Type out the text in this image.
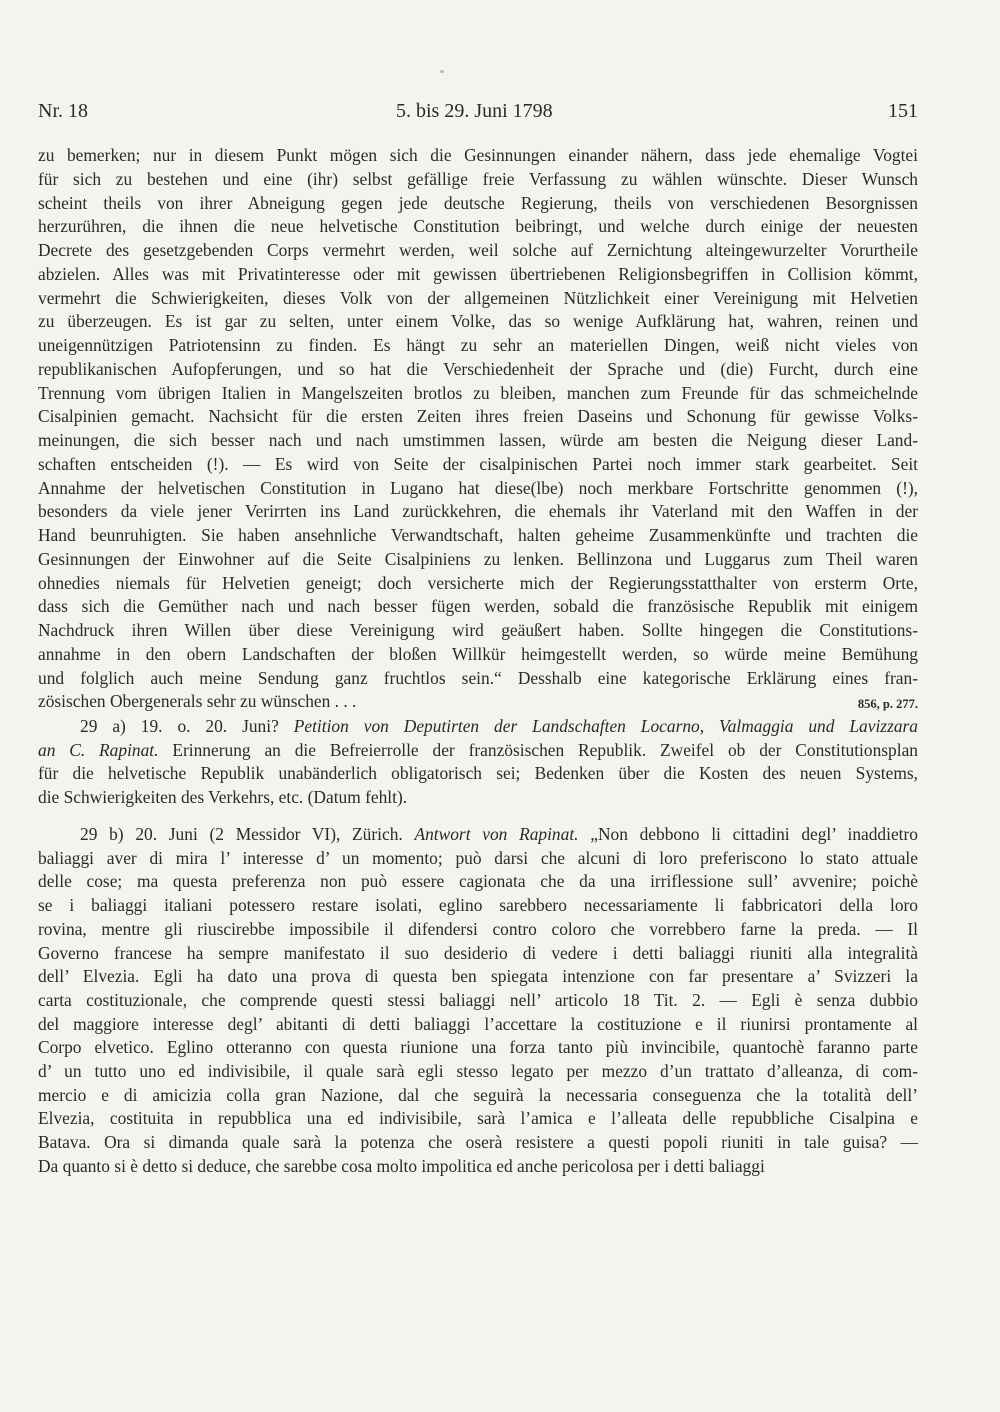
Nr. 18	5. bis 29. Juni 1798	151
zu bemerken; nur in diesem Punkt mögen sich die Gesinnungen einander nähern, dass jede ehemalige Vogtei
für sich zu bestehen und eine (ihr) selbst gefällige freie Verfassung zu wählen wünschte. Dieser Wunsch
scheint theils von ihrer Abneigung gegen jede deutsche Regierung, theils von verschiedenen Besorgnissen
herzurühren, die ihnen die neue helvetische Constitution beibringt, und welche durch einige der neuesten
Decrete des gesetzgebenden Corps vermehrt werden, weil solche auf Zernichtung alteingewurzelter Vorurtheile
abzielen. Alles was mit Privatinteresse oder mit gewissen übertriebenen Religionsbegriffen in Collision kömmt,
vermehrt die Schwierigkeiten, dieses Volk von der allgemeinen Nützlichkeit einer Vereinigung mit Helvetien
zu überzeugen. Es ist gar zu selten, unter einem Volke, das so wenige Aufklärung hat, wahren, reinen und
uneigennützigen Patriotensinn zu finden. Es hängt zu sehr an materiellen Dingen, weiß nicht vieles von
republikanischen Aufopferungen, und so hat die Verschiedenheit der Sprache und (die) Furcht, durch eine
Trennung vom übrigen Italien in Mangelszeiten brotlos zu bleiben, manchen zum Freunde für das schmeichelnde
Cisalpinien gemacht. Nachsicht für die ersten Zeiten ihres freien Daseins und Schonung für gewisse Volks-
meinungen, die sich besser nach und nach umstimmen lassen, würde am besten die Neigung dieser Land-
schaften entscheiden (!). — Es wird von Seite der cisalpinischen Partei noch immer stark gearbeitet. Seit
Annahme der helvetischen Constitution in Lugano hat diese(lbe) noch merkbare Fortschritte genommen (!),
besonders da viele jener Verirrten ins Land zurückkehren, die ehemals ihr Vaterland mit den Waffen in der
Hand beunruhigten. Sie haben ansehnliche Verwandtschaft, halten geheime Zusammenkünfte und trachten die
Gesinnungen der Einwohner auf die Seite Cisalpiniens zu lenken. Bellinzona und Luggarus zum Theil waren
ohnedies niemals für Helvetien geneigt; doch versicherte mich der Regierungsstatthalter von ersterm Orte,
dass sich die Gemüther nach und nach besser fügen werden, sobald die französische Republik mit einigem
Nachdruck ihren Willen über diese Vereinigung wird geäußert haben. Sollte hingegen die Constitutions-
annahme in den obern Landschaften der bloßen Willkür heimgestellt werden, so würde meine Bemühung
und folglich auch meine Sendung ganz fruchtlos sein.“ Desshalb eine kategorische Erklärung eines fran-
856, p. 277.
zösischen Obergenerals sehr zu wünschen . . .
29 a) 19. o. 20. Juni? Petition von Deputirten der Landschaften Locarno, Valmaggia und Lavizzara
an C. Rapinat. Erinnerung an die Befreierrolle der französischen Republik. Zweifel ob der Constitutionsplan
für die helvetische Republik unabänderlich obligatorisch sei; Bedenken über die Kosten des neuen Systems,
die Schwierigkeiten des Verkehrs, etc. (Datum fehlt).
29 b) 20. Juni (2 Messidor VI), Zürich. Antwort von Rapinat. „Non debbono li cittadini degl’ inaddietro
baliaggi aver di mira l’ interesse d’ un momento; può darsi che alcuni di loro preferiscono lo stato attuale
delle cose; ma questa preferenza non può essere cagionata che da una irriflessione sull’ avvenire; poichè
se i baliaggi italiani potessero restare isolati, eglino sarebbero necessariamente li fabbricatori della loro
rovina, mentre gli riuscirebbe impossibile il difendersi contro coloro che vorrebbero farne la preda. — Il
Governo francese ha sempre manifestato il suo desiderio di vedere i detti baliaggi riuniti alla integralità
dell’ Elvezia. Egli ha dato una prova di questa ben spiegata intenzione con far presentare a’ Svizzeri la
carta costituzionale, che comprende questi stessi baliaggi nell’ articolo 18 Tit. 2. — Egli è senza dubbio
del maggiore interesse degl’ abitanti di detti baliaggi l’accettare la costituzione e il riunirsi prontamente al
Corpo elvetico. Eglino otteranno con questa riunione una forza tanto più invincibile, quantochè faranno parte
d’ un tutto uno ed indivisibile, il quale sarà egli stesso legato per mezzo d’un trattato d’alleanza, di com-
mercio e di amicizia colla gran Nazione, dal che seguirà la necessaria conseguenza che la totalità dell’
Elvezia, costituita in repubblica una ed indivisibile, sarà l’amica e l’alleata delle repubbliche Cisalpina e
Batava. Ora si dimanda quale sarà la potenza che oserà resistere a questi popoli riuniti in tale guisa? —
Da quanto si è detto si deduce, che sarebbe cosa molto impolitica ed anche pericolosa per i detti baliaggi
